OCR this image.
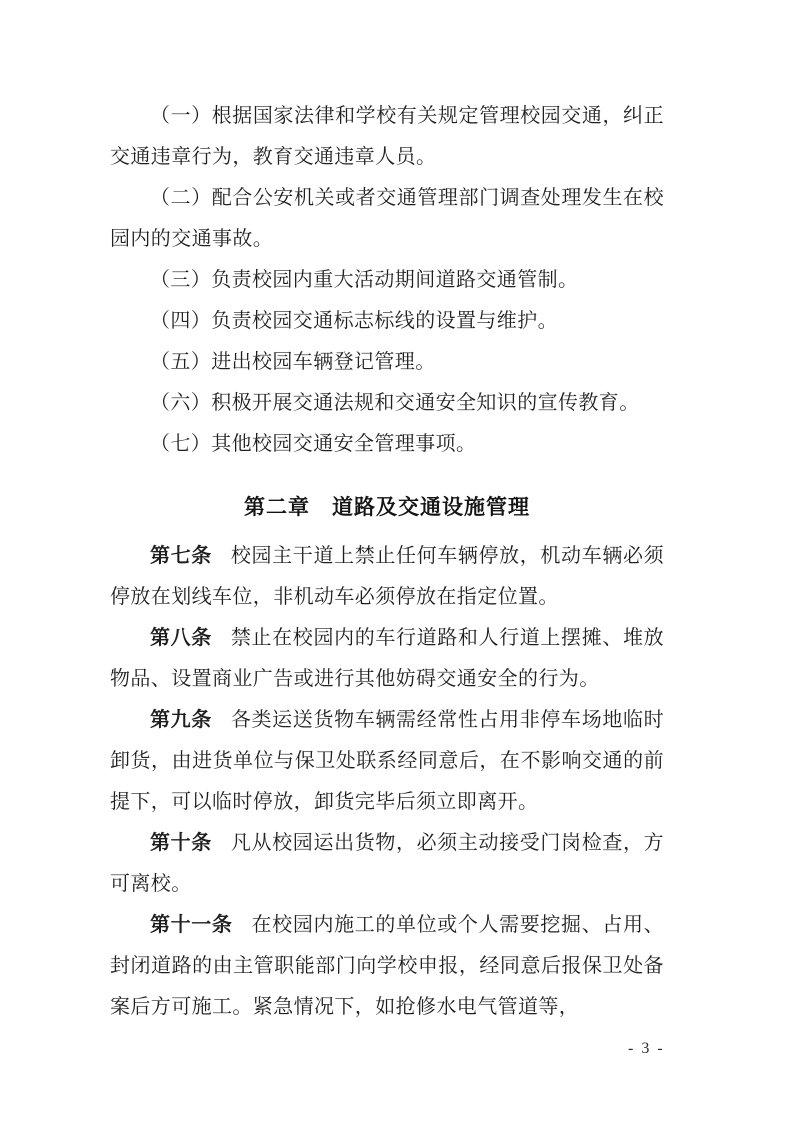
（一）根据国家法律和学校有关规定管理校园交通，纠正交通违章行为，教育交通违章人员。

（二）配合公安机关或者交通管理部门调查处理发生在校园内的交通事故。

（三）负责校园内重大活动期间道路交通管制。

（四）负责校园交通标志标线的设置与维护。

（五）进出校园车辆登记管理。

（六）积极开展交通法规和交通安全知识的宣传教育。

（七）其他校园交通安全管理事项。

第二章　道路及交通设施管理

第七条 校园主干道上禁止任何车辆停放，机动车辆必须停放在划线车位，非机动车必须停放在指定位置。

第八条 禁止在校园内的车行道路和人行道上摆摊、堆放物品、设置商业广告或进行其他妨碍交通安全的行为。

第九条 各类运送货物车辆需经常性占用非停车场地临时卸货，由进货单位与保卫处联系经同意后，在不影响交通的前提下，可以临时停放，卸货完毕后须立即离开。

第十条 凡从校园运出货物，必须主动接受门岗检查，方可离校。

第十一条 在校园内施工的单位或个人需要挖掘、占用、封闭道路的由主管职能部门向学校申报，经同意后报保卫处备案后方可施工。紧急情况下，如抢修水电气管道等，

- 3 -
